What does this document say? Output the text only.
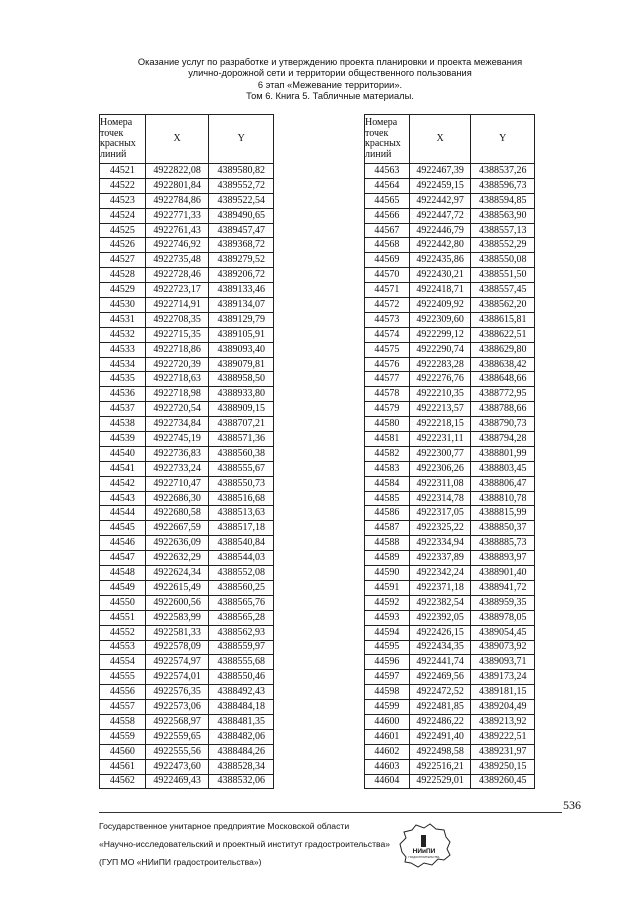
Оказание услуг по разработке и утверждению проекта планировки и проекта межевания
улично-дорожной сети и территории общественного пользования
6 этап «Межевание территории».
Том 6. Книга 5. Табличные материалы.
Номера точек красных линий	X	Y
44521	4922822,08	4389580,82
44522	4922801,84	4389552,72
44523	4922784,86	4389522,54
44524	4922771,33	4389490,65
44525	4922761,43	4389457,47
44526	4922746,92	4389368,72
44527	4922735,48	4389279,52
44528	4922728,46	4389206,72
44529	4922723,17	4389133,46
44530	4922714,91	4389134,07
44531	4922708,35	4389129,79
44532	4922715,35	4389105,91
44533	4922718,86	4389093,40
44534	4922720,39	4389079,81
44535	4922718,63	4388958,50
44536	4922718,98	4388933,80
44537	4922720,54	4388909,15
44538	4922734,84	4388707,21
44539	4922745,19	4388571,36
44540	4922736,83	4388560,38
44541	4922733,24	4388555,67
44542	4922710,47	4388550,73
44543	4922686,30	4388516,68
44544	4922680,58	4388513,63
44545	4922667,59	4388517,18
44546	4922636,09	4388540,84
44547	4922632,29	4388544,03
44548	4922624,34	4388552,08
44549	4922615,49	4388560,25
44550	4922600,56	4388565,76
44551	4922583,99	4388565,28
44552	4922581,33	4388562,93
44553	4922578,09	4388559,97
44554	4922574,97	4388555,68
44555	4922574,01	4388550,46
44556	4922576,35	4388492,43
44557	4922573,06	4388484,18
44558	4922568,97	4388481,35
44559	4922559,65	4388482,06
44560	4922555,56	4388484,26
44561	4922473,60	4388528,34
44562	4922469,43	4388532,06
Номера точек красных линий	X	Y
44563	4922467,39	4388537,26
44564	4922459,15	4388596,73
44565	4922442,97	4388594,85
44566	4922447,72	4388563,90
44567	4922446,79	4388557,13
44568	4922442,80	4388552,29
44569	4922435,86	4388550,08
44570	4922430,21	4388551,50
44571	4922418,71	4388557,45
44572	4922409,92	4388562,20
44573	4922309,60	4388615,81
44574	4922299,12	4388622,51
44575	4922290,74	4388629,80
44576	4922283,28	4388638,42
44577	4922276,76	4388648,66
44578	4922210,35	4388772,95
44579	4922213,57	4388788,66
44580	4922218,15	4388790,73
44581	4922231,11	4388794,28
44582	4922300,77	4388801,99
44583	4922306,26	4388803,45
44584	4922311,08	4388806,47
44585	4922314,78	4388810,78
44586	4922317,05	4388815,99
44587	4922325,22	4388850,37
44588	4922334,94	4388885,73
44589	4922337,89	4388893,97
44590	4922342,24	4388901,40
44591	4922371,18	4388941,72
44592	4922382,54	4388959,35
44593	4922392,05	4388978,05
44594	4922426,15	4389054,45
44595	4922434,35	4389073,92
44596	4922441,74	4389093,71
44597	4922469,56	4389173,24
44598	4922472,52	4389181,15
44599	4922481,85	4389204,49
44600	4922486,22	4389213,92
44601	4922491,40	4389222,51
44602	4922498,58	4389231,97
44603	4922516,21	4389250,15
44604	4922529,01	4389260,45
536
Государственное унитарное предприятие Московской области
«Научно-исследовательский и проектный институт градостроительства»
(ГУП МО «НИиПИ градостроительства»)
НИиПИ
ГРАДОСТРОИТЕЛЬСТВА
